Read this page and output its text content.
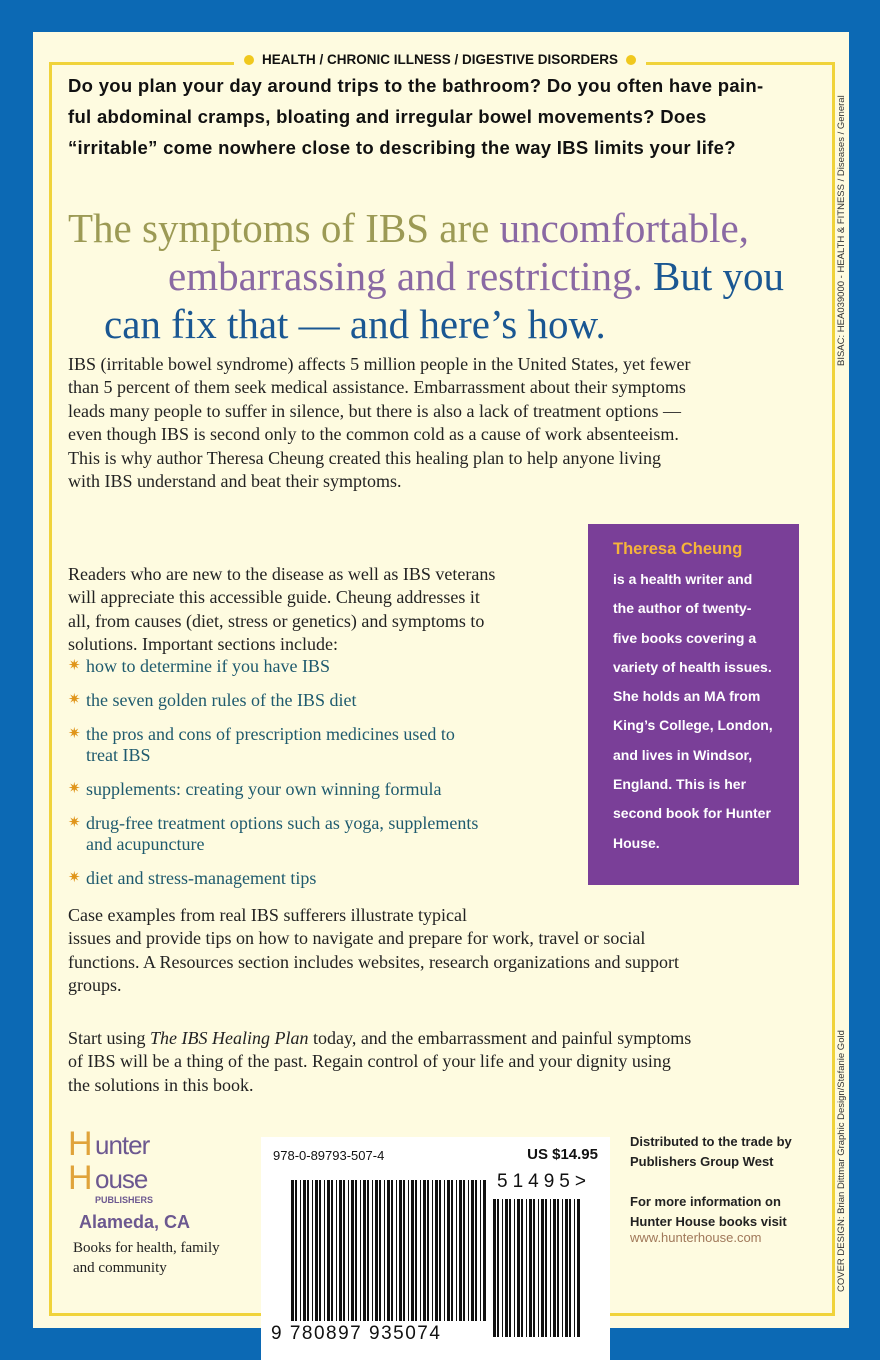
HEALTH / CHRONIC ILLNESS / DIGESTIVE DISORDERS
Do you plan your day around trips to the bathroom? Do you often have pain-
ful abdominal cramps, bloating and irregular bowel movements? Does
“irritable” come nowhere close to describing the way IBS limits your life?
The symptoms of IBS are uncomfortable,
embarrassing and restricting. But you
can fix that — and here’s how.
IBS (irritable bowel syndrome) affects 5 million people in the United States, yet fewer
than 5 percent of them seek medical assistance. Embarrassment about their symptoms
leads many people to suffer in silence, but there is also a lack of treatment options —
even though IBS is second only to the common cold as a cause of work absenteeism.
This is why author Theresa Cheung created this healing plan to help anyone living
with IBS understand and beat their symptoms.
Readers who are new to the disease as well as IBS veterans
will appreciate this accessible guide. Cheung addresses it
all, from causes (diet, stress or genetics) and symptoms to
solutions. Important sections include:
✷ how to determine if you have IBS
✷ the seven golden rules of the IBS diet
✷ the pros and cons of prescription medicines used to
treat IBS
✷ supplements: creating your own winning formula
✷ drug-free treatment options such as yoga, supplements
and acupuncture
✷ diet and stress-management tips
Theresa Cheung
is a health writer and
the author of twenty-
five books covering a
variety of health issues.
She holds an MA from
King’s College, London,
and lives in Windsor,
England. This is her
second book for Hunter
House.
Case examples from real IBS sufferers illustrate typical
issues and provide tips on how to navigate and prepare for work, travel or social
functions. A Resources section includes websites, research organizations and support
groups.
Start using The IBS Healing Plan today, and the embarrassment and painful symptoms
of IBS will be a thing of the past. Regain control of your life and your dignity using
the solutions in this book.
H unter
H ouse
PUBLISHERS
Alameda, CA
Books for health, family
and community
978-0-89793-507-4	US $14.95
51495>
9 780897 935074
Distributed to the trade by
Publishers Group West

For more information on
Hunter House books visit
www.hunterhouse.com
BISAC: HEA039000 - HEALTH & FITNESS / Diseases / General
COVER DESIGN: Brian Dittmar Graphic Design/Stefanie Gold
